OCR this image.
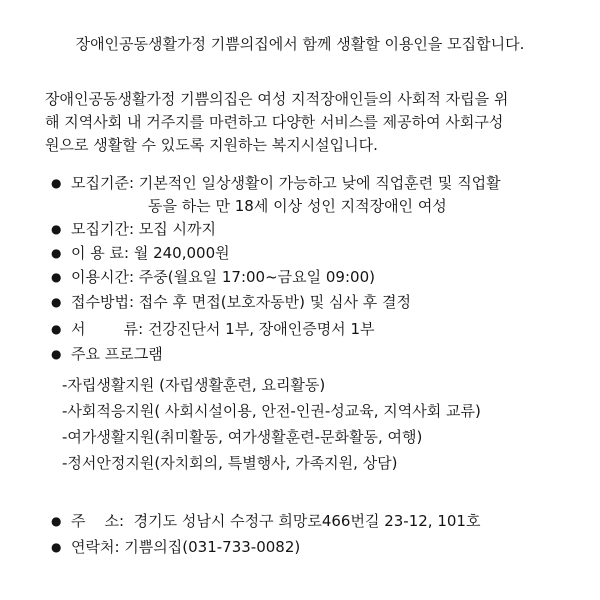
장애인공동생활가정 기쁨의집에서 함께 생활할 이용인을 모집합니다.
장애인공동생활가정 기쁨의집은 여성 지적장애인들의 사회적 자립을 위
해 지역사회 내 거주지를 마련하고 다양한 서비스를 제공하여 사회구성
원으로 생활할 수 있도록 지원하는 복지시설입니다.
● 모집기준: 기본적인 일상생활이 가능하고 낮에 직업훈련 및 직업활
동을 하는 만 18세 이상 성인 지적장애인 여성
● 모집기간: 모집 시까지
● 이 용 료: 월 240,000원
● 이용시간: 주중(월요일 17:00~금요일 09:00)
● 접수방법: 접수 후 면접(보호자동반) 및 심사 후 결정
● 서        류: 건강진단서 1부, 장애인증명서 1부
● 주요 프로그램
-자립생활지원 (자립생활훈련, 요리활동)
-사회적응지원( 사회시설이용, 안전-인권-성교육, 지역사회 교류)
-여가생활지원(취미활동, 여가생활훈련-문화활동, 여행)
-정서안정지원(자치회의, 특별행사, 가족지원, 상담)
● 주    소:  경기도 성남시 수정구 희망로466번길 23-12, 101호
● 연락처: 기쁨의집(031-733-0082)
